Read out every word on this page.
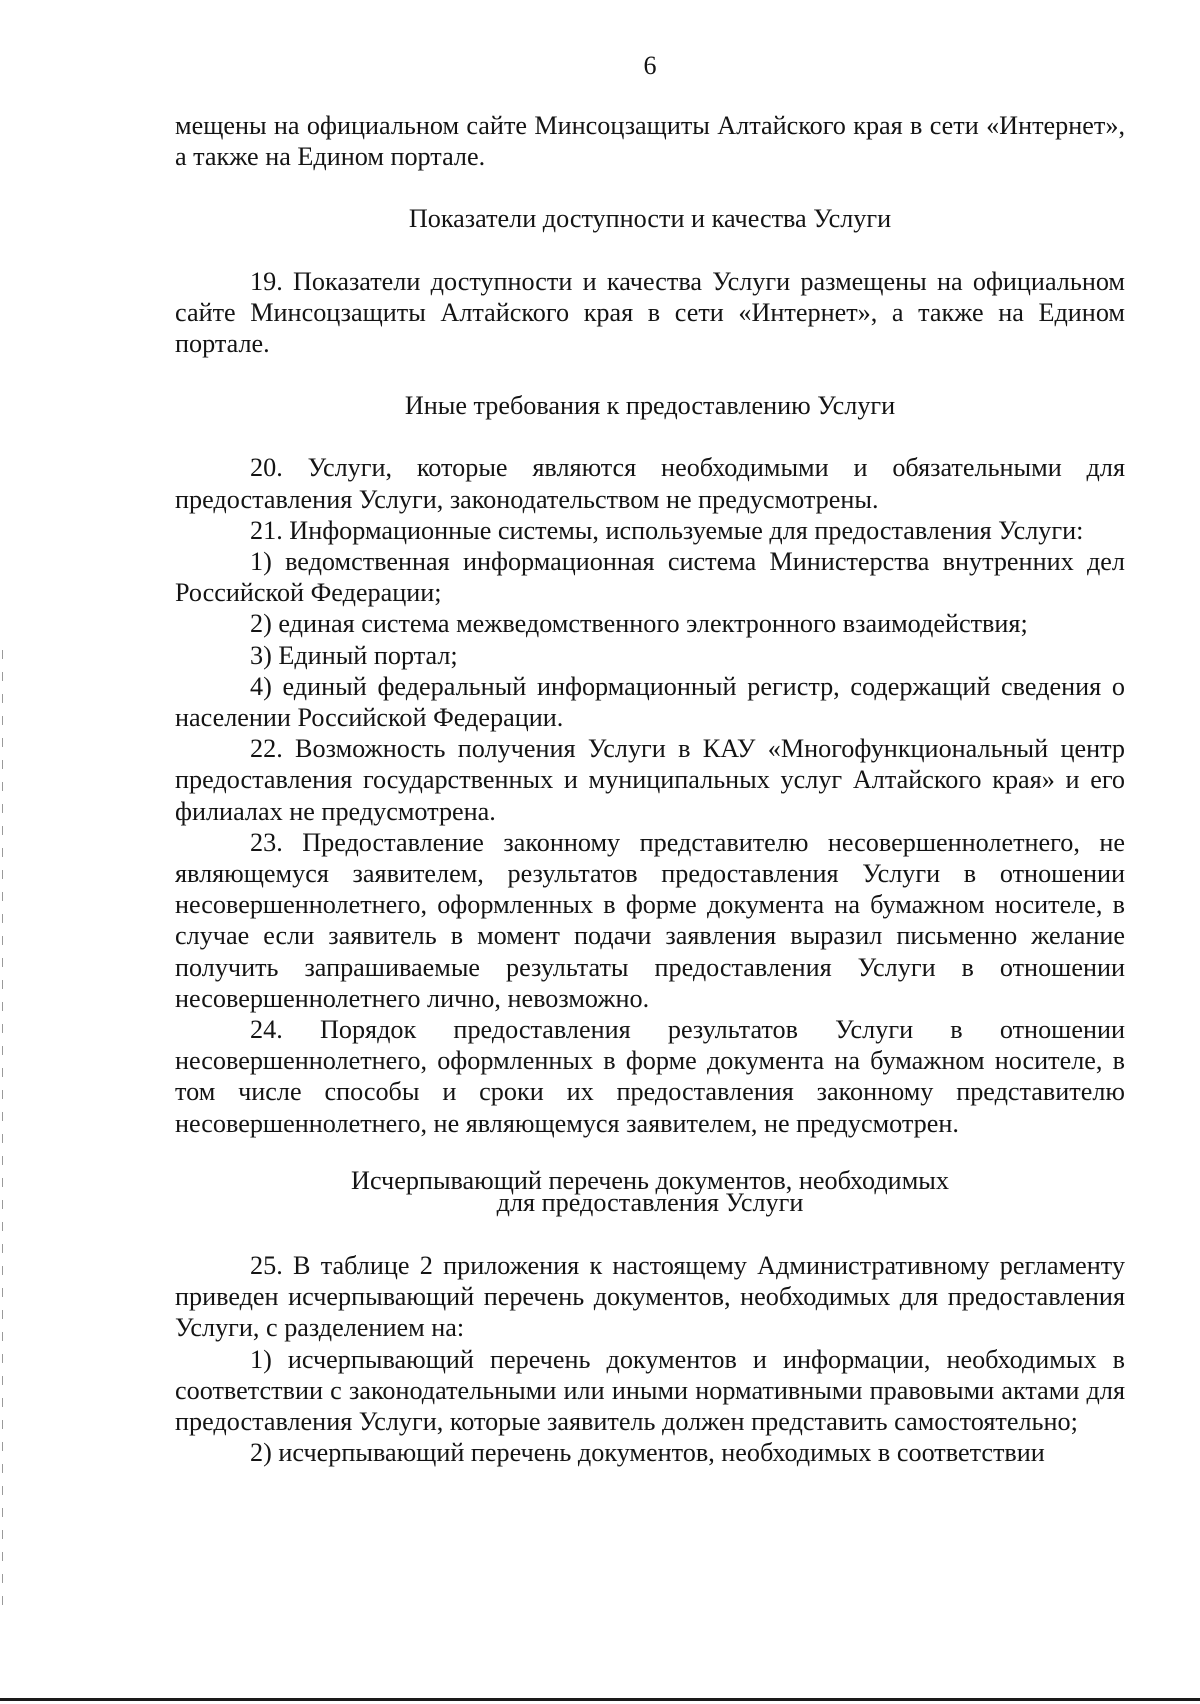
6

мещены на официальном сайте Минсоцзащиты Алтайского края в сети «Интернет», а также на Едином портале.

Показатели доступности и качества Услуги

19. Показатели доступности и качества Услуги размещены на официальном сайте Минсоцзащиты Алтайского края в сети «Интернет», а также на Едином портале.

Иные требования к предоставлению Услуги

20. Услуги, которые являются необходимыми и обязательными для предоставления Услуги, законодательством не предусмотрены.

21. Информационные системы, используемые для предоставления Услуги:

1) ведомственная информационная система Министерства внутренних дел Российской Федерации;

2) единая система межведомственного электронного взаимодействия;

3) Единый портал;

4) единый федеральный информационный регистр, содержащий сведения о населении Российской Федерации.

22. Возможность получения Услуги в КАУ «Многофункциональный центр предоставления государственных и муниципальных услуг Алтайского края» и его филиалах не предусмотрена.

23. Предоставление законному представителю несовершеннолетнего, не являющемуся заявителем, результатов предоставления Услуги в отношении несовершеннолетнего, оформленных в форме документа на бумажном носителе, в случае если заявитель в момент подачи заявления выразил письменно желание получить запрашиваемые результаты предоставления Услуги в отношении несовершеннолетнего лично, невозможно.

24. Порядок предоставления результатов Услуги в отношении несовершеннолетнего, оформленных в форме документа на бумажном носителе, в том числе способы и сроки их предоставления законному представителю несовершеннолетнего, не являющемуся заявителем, не предусмотрен.

Исчерпывающий перечень документов, необходимых
для предоставления Услуги

25. В таблице 2 приложения к настоящему Административному регламенту приведен исчерпывающий перечень документов, необходимых для предоставления Услуги, с разделением на:

1) исчерпывающий перечень документов и информации, необходимых в соответствии с законодательными или иными нормативными правовыми актами для предоставления Услуги, которые заявитель должен представить самостоятельно;

2) исчерпывающий перечень документов, необходимых в соответствии
